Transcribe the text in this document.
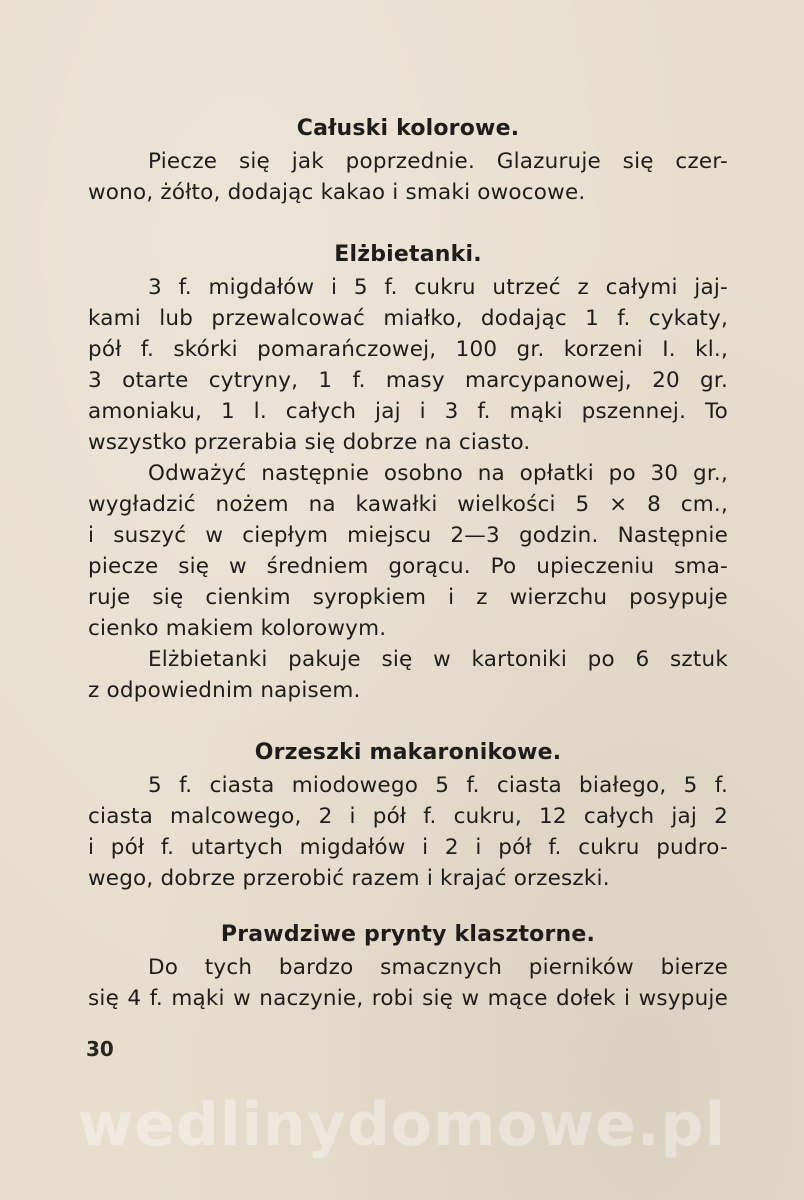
Całuski kolorowe.

Piecze się jak poprzednie. Glazuruje się czer-

wono, żółto, dodając kakao i smaki owocowe.

Elżbietanki.

3 f. migdałów i 5 f. cukru utrzeć z całymi jaj-

kami lub przewalcować miałko, dodając 1 f. cykaty,

pół f. skórki pomarańczowej, 100 gr. korzeni I. kl.,

3 otarte cytryny, 1 f. masy marcypanowej, 20 gr.

amoniaku, 1 l. całych jaj i 3 f. mąki pszennej. To

wszystko przerabia się dobrze na ciasto.

Odważyć następnie osobno na opłatki po 30 gr.,

wygładzić nożem na kawałki wielkości 5 × 8 cm.,

i suszyć w ciepłym miejscu 2—3 godzin. Następnie

piecze się w średniem gorącu. Po upieczeniu sma-

ruje się cienkim syropkiem i z wierzchu posypuje

cienko makiem kolorowym.

Elżbietanki pakuje się w kartoniki po 6 sztuk

z odpowiednim napisem.

Orzeszki makaronikowe.

5 f. ciasta miodowego 5 f. ciasta białego, 5 f.

ciasta malcowego, 2 i pół f. cukru, 12 całych jaj 2

i pół f. utartych migdałów i 2 i pół f. cukru pudro-

wego, dobrze przerobić razem i krajać orzeszki.

Prawdziwe prynty klasztorne.

Do tych bardzo smacznych pierników bierze

się 4 f. mąki w naczynie, robi się w mące dołek i wsypuje

30
wedlinydomowe.pl
